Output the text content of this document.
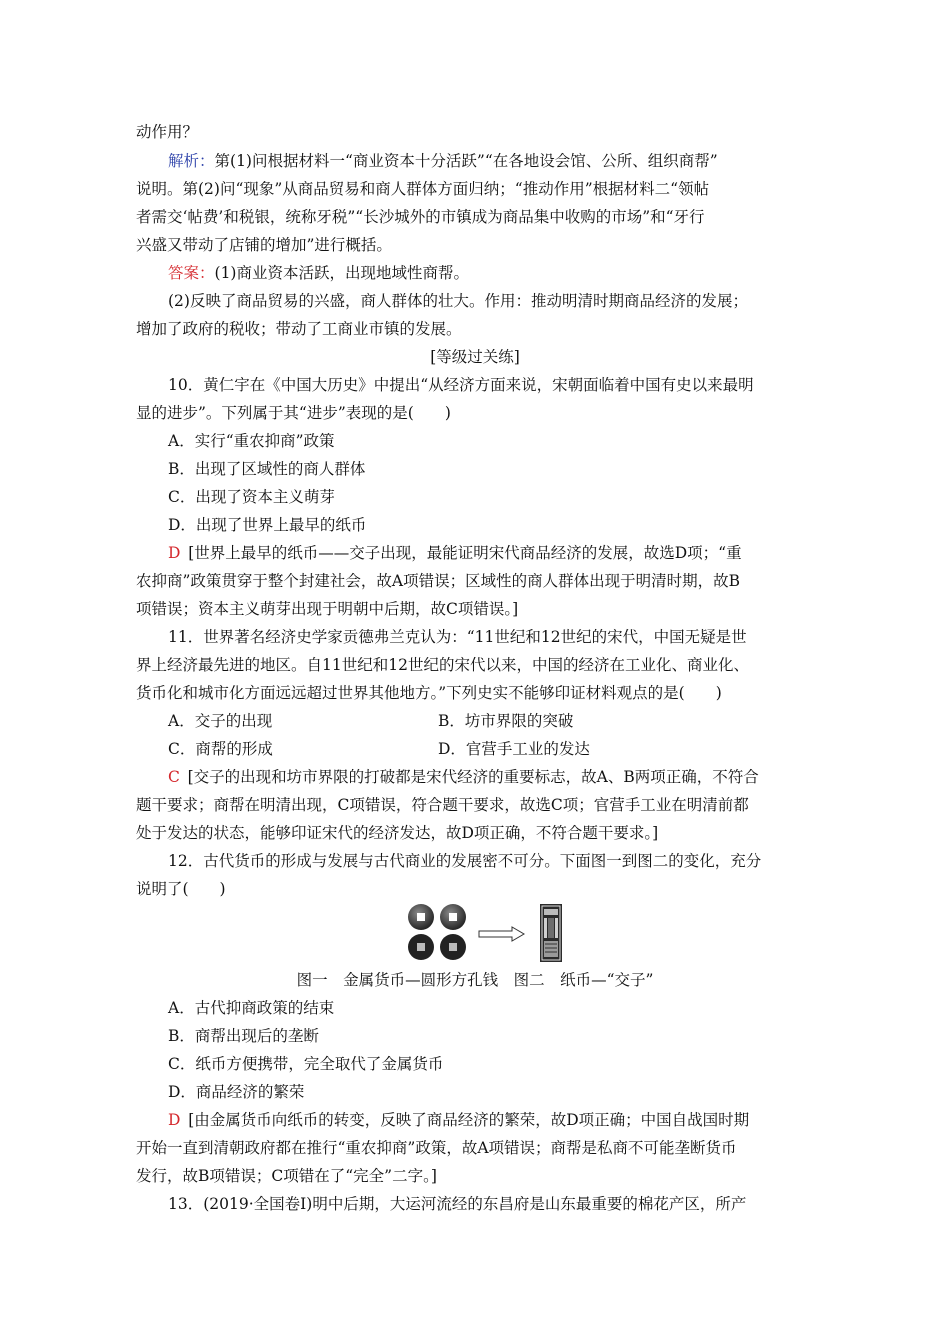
动作用？
解析：第(1)问根据材料一“商业资本十分活跃”“在各地设会馆、公所、组织商帮”
说明。第(2)问“现象”从商品贸易和商人群体方面归纳；“推动作用”根据材料二“领帖
者需交‘帖费’和税银，统称牙税”“长沙城外的市镇成为商品集中收购的市场”和“牙行
兴盛又带动了店铺的增加”进行概括。
答案：(1)商业资本活跃，出现地域性商帮。
(2)反映了商品贸易的兴盛，商人群体的壮大。作用：推动明清时期商品经济的发展；
增加了政府的税收；带动了工商业市镇的发展。
[等级过关练]
10．黄仁宇在《中国大历史》中提出“从经济方面来说，宋朝面临着中国有史以来最明
显的进步”。下列属于其“进步”表现的是(　　)
A．实行“重农抑商”政策
B．出现了区域性的商人群体
C．出现了资本主义萌芽
D．出现了世界上最早的纸币
D  [世界上最早的纸币——交子出现，最能证明宋代商品经济的发展，故选D项；“重
农抑商”政策贯穿于整个封建社会，故A项错误；区域性的商人群体出现于明清时期，故B
项错误；资本主义萌芽出现于明朝中后期，故C项错误。]
11．世界著名经济史学家贡德弗兰克认为：“11世纪和12世纪的宋代，中国无疑是世
界上经济最先进的地区。自11世纪和12世纪的宋代以来，中国的经济在工业化、商业化、
货币化和城市化方面远远超过世界其他地方。”下列史实不能够印证材料观点的是(　　)
A．交子的出现	B．坊市界限的突破
C．商帮的形成	D．官营手工业的发达
C  [交子的出现和坊市界限的打破都是宋代经济的重要标志，故A、B两项正确，不符合
题干要求；商帮在明清出现，C项错误，符合题干要求，故选C项；官营手工业在明清前都
处于发达的状态，能够印证宋代的经济发达，故D项正确，不符合题干要求。]
12．古代货币的形成与发展与古代商业的发展密不可分。下面图一到图二的变化，充分
说明了(　　)
图一　金属货币—圆形方孔钱　图二　纸币—“交子”
A．古代抑商政策的结束
B．商帮出现后的垄断
C．纸币方便携带，完全取代了金属货币
D．商品经济的繁荣
D  [由金属货币向纸币的转变，反映了商品经济的繁荣，故D项正确；中国自战国时期
开始一直到清朝政府都在推行“重农抑商”政策，故A项错误；商帮是私商不可能垄断货币
发行，故B项错误；C项错在了“完全”二字。]
13．(2019·全国卷Ⅰ)明中后期，大运河流经的东昌府是山东最重要的棉花产区，所产
